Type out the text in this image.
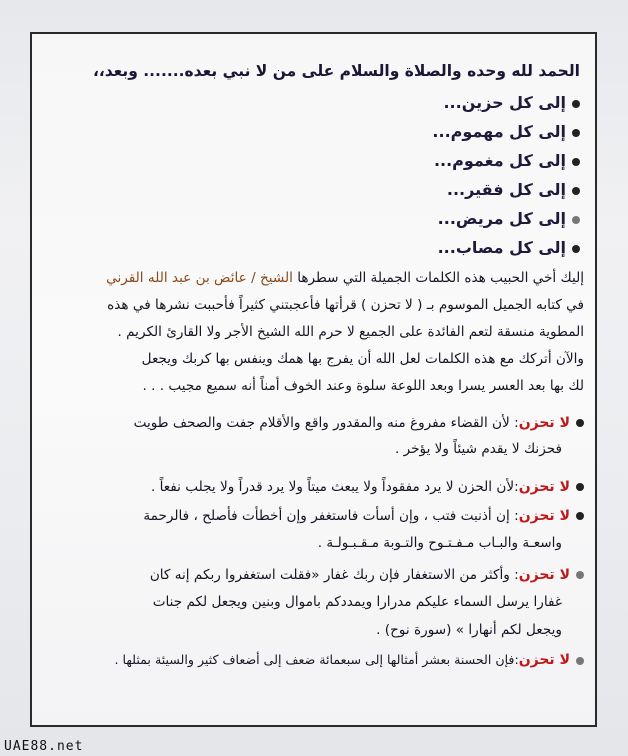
الحمد لله وحده والصلاة والسلام على من لا نبي بعده....... وبعد،،
إلى كل حزين...
إلى كل مهموم...
إلى كل مغموم...
إلى كل فقير...
إلى كل مريض...
إلى كل مصاب...
إليك أخي الحبيب هذه الكلمات الجميلة التي سطرها الشيخ / عائض بن عبد الله القرني
في كتابه الجميل الموسوم بـ ( لا تحزن ) قرأتها فأعجبتني كثيراً فأحببت نشرها في هذه
المطوية منسقة لتعم الفائدة على الجميع لا حرم الله الشيخ الأجر ولا القارئ الكريم .
والآن أتركك مع هذه الكلمات لعل الله أن يفرج بها همك وينفس بها كربك ويجعل
لك بها بعد العسر يسرا وبعد اللوعة سلوة وعند الخوف أمناً أنه سميع مجيب . . .
لا تحزن: لأن القضاء مفروغ منه والمقدور واقع والأقلام جفت والصحف طويت
فحزنك لا يقدم شيئاً ولا يؤخر .
لا تحزن:لأن الحزن لا يرد مفقوداً ولا يبعث ميتاً ولا يرد قدراً ولا يجلب نفعاً .
لا تحزن: إن أذنبت فتب ، وإن أسأت فاستغفر وإن أخطأت فأصلح ، فالرحمة
واسعـة والبـاب مـفـتـوح والتـوبة مـقـبـولـة .
لا تحزن: وأكثر من الاستغفار فإن ربك غفار «فقلت استغفروا ربكم إنه كان
غفارا يرسل السماء عليكم مدرارا ويمددكم باموال وبنين ويجعل لكم جنات
ويجعل لكم أنهارا » (سورة نوح) .
لا تحزن:فإن الحسنة بعشر أمثالها إلى سبعمائة ضعف إلى أضعاف كثير والسيئة بمثلها .
UAE88.net
